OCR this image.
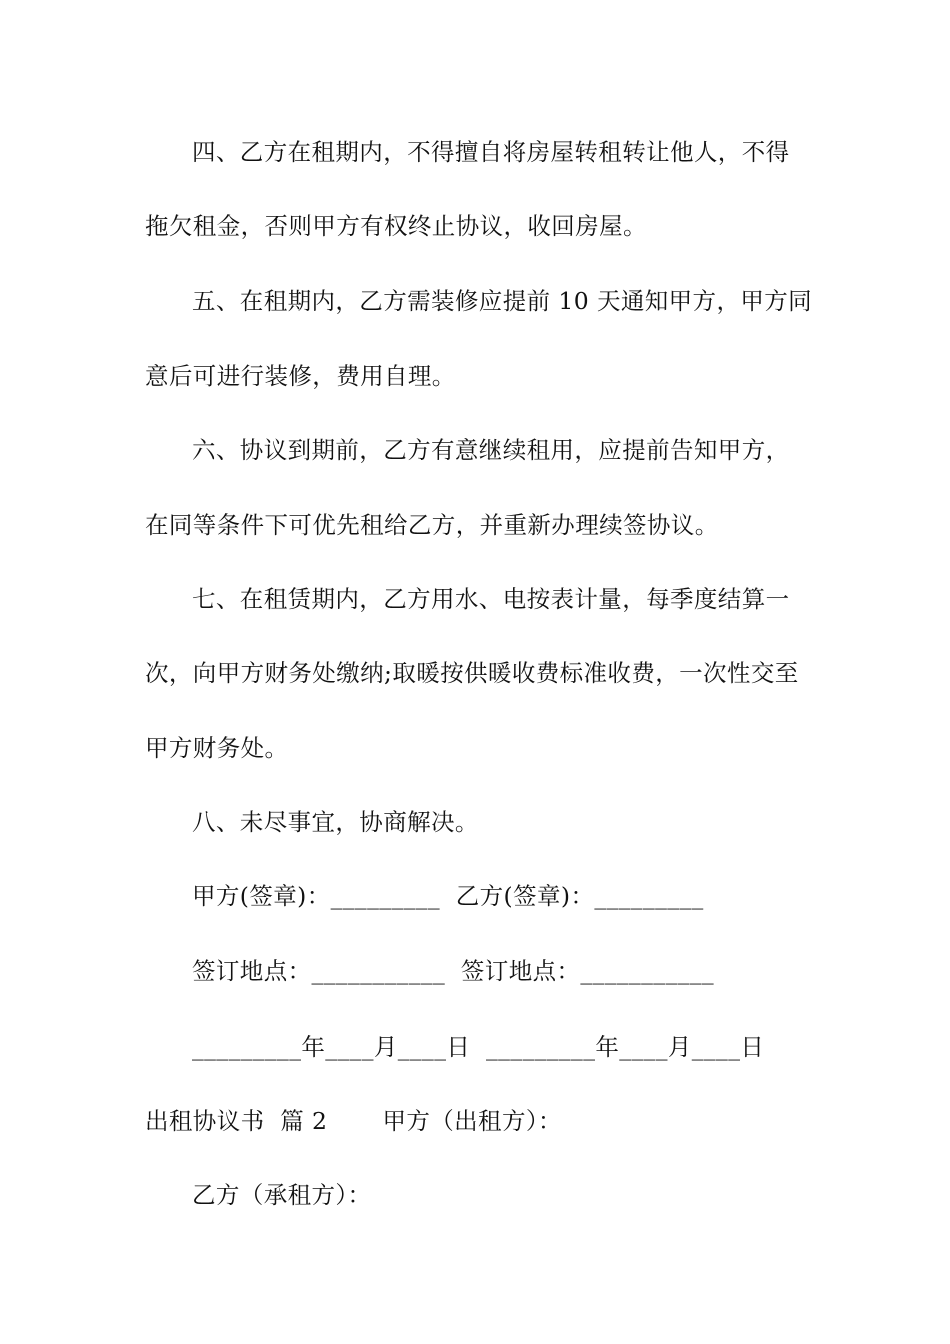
四、乙方在租期内，不得擅自将房屋转租转让他人，不得
拖欠租金，否则甲方有权终止协议，收回房屋。
五、在租期内，乙方需装修应提前 10 天通知甲方，甲方同
意后可进行装修，费用自理。
六、协议到期前，乙方有意继续租用，应提前告知甲方，
在同等条件下可优先租给乙方，并重新办理续签协议。
七、在租赁期内，乙方用水、电按表计量，每季度结算一
次，向甲方财务处缴纳;取暖按供暖收费标准收费，一次性交至
甲方财务处。
八、未尽事宜，协商解决。
甲方(签章)：_________  乙方(签章)：_________
签订地点：___________  签订地点：___________
_________年____月____日  _________年____月____日
出租协议书  篇 2       甲方（出租方）：
乙方（承租方）：
